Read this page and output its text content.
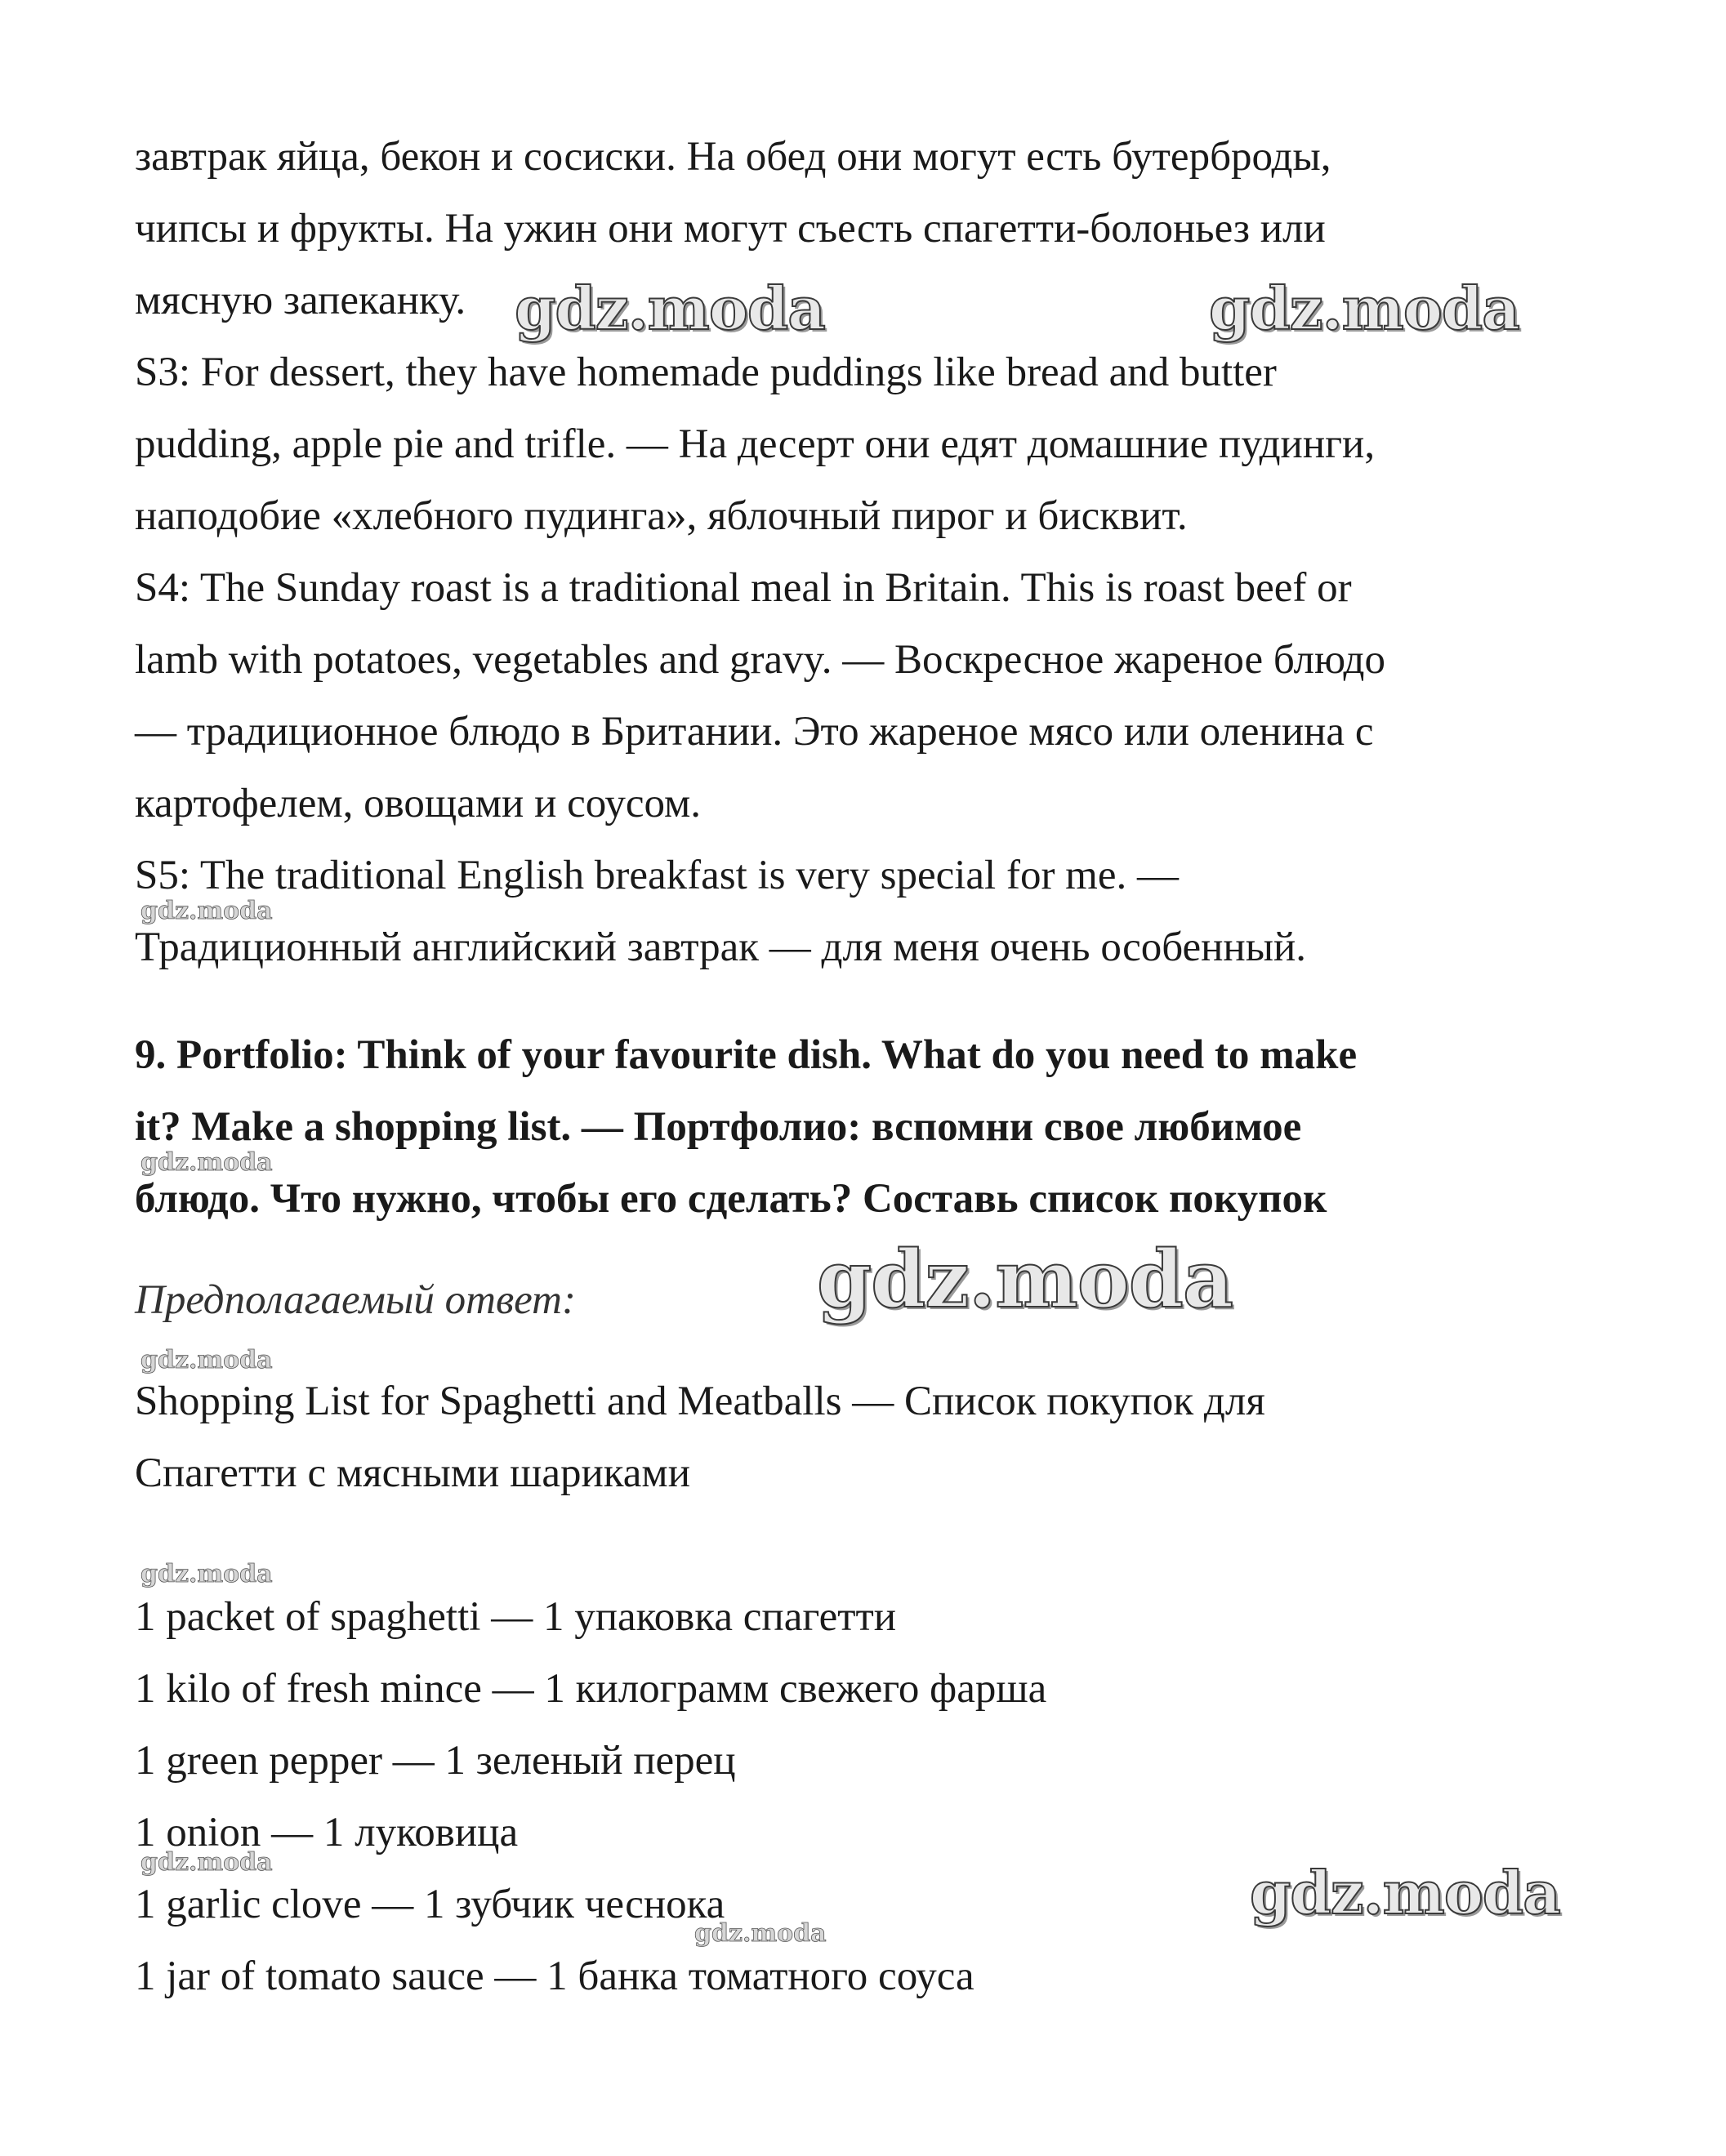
завтрак яйца, бекон и сосиски. На обед они могут есть бутерброды,
чипсы и фрукты. На ужин они могут съесть спагетти-болоньез или
мясную запеканку.
S3: For dessert, they have homemade puddings like bread and butter
pudding, apple pie and trifle. — На десерт они едят домашние пудинги,
наподобие «хлебного пудинга», яблочный пирог и бисквит.
S4: The Sunday roast is a traditional meal in Britain. This is roast beef or
lamb with potatoes, vegetables and gravy. — Воскресное жареное блюдо
— традиционное блюдо в Британии. Это жареное мясо или оленина с
картофелем, овощами и соусом.
S5: The traditional English breakfast is very special for me. —
Традиционный английский завтрак — для меня очень особенный.
9. Portfolio: Think of your favourite dish. What do you need to make
it? Make a shopping list. — Портфолио: вспомни свое любимое
блюдо. Что нужно, чтобы его сделать? Составь список покупок
Предполагаемый ответ:
Shopping List for Spaghetti and Meatballs — Список покупок для
Спагетти с мясными шариками
1 packet of spaghetti — 1 упаковка спагетти
1 kilo of fresh mince — 1 килограмм свежего фарша
1 green pepper — 1 зеленый перец
1 onion — 1 луковица
1 garlic clove — 1 зубчик чеснока
1 jar of tomato sauce — 1 банка томатного соуса
gdz.moda	gdz.moda
gdz.moda
gdz.moda
gdz.moda
gdz.moda
gdz.moda
gdz.moda
gdz.moda
gdz.moda
